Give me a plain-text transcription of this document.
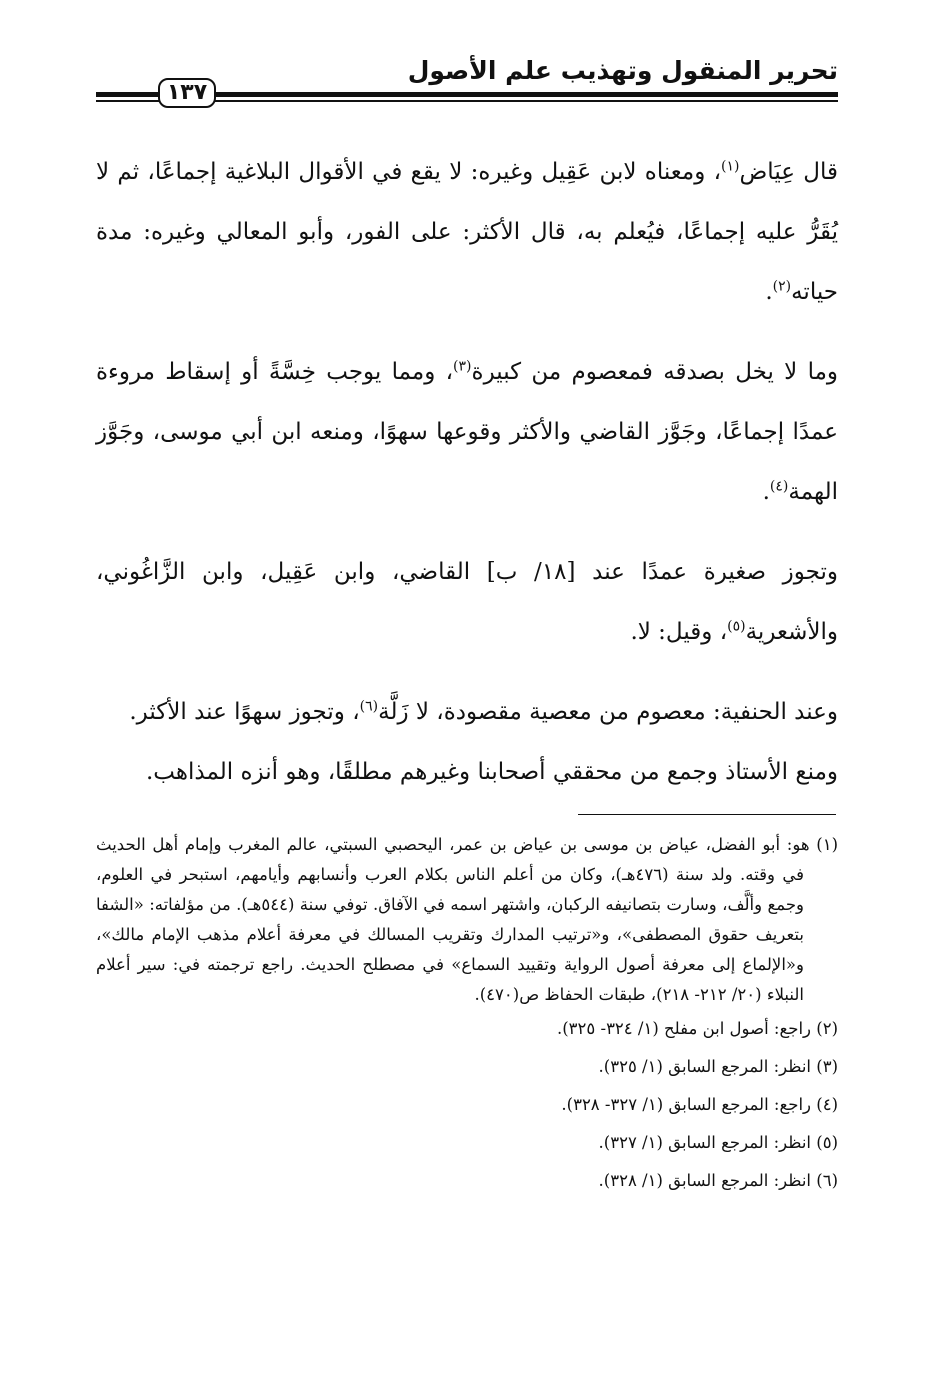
تحرير المنقول وتهذيب علم الأصول
١٣٧

قال عِيَاض$^{(١)}$، ومعناه لابن عَقِيل وغيره: لا يقع في الأقوال البلاغية إجماعًا، ثم لا يُقَرُّ عليه إجماعًا، فيُعلم به، قال الأكثر: على الفور، وأبو المعالي وغيره: مدة حياته$^{(٢)}$.

وما لا يخل بصدقه فمعصوم من كبيرة$^{(٣)}$، ومما يوجب خِسَّةً أو إسقاط مروءة عمدًا إجماعًا، وجَوَّز القاضي والأكثر وقوعها سهوًا، ومنعه ابن أبي موسى، وجَوَّز الهمة$^{(٤)}$.

وتجوز صغيرة عمدًا عند [١٨/ ب] القاضي، وابن عَقِيل، وابن الزَّاغُوني، والأشعرية$^{(٥)}$، وقيل: لا.

وعند الحنفية: معصوم من معصية مقصودة، لا زَلَّة$^{(٦)}$، وتجوز سهوًا عند الأكثر.

ومنع الأستاذ وجمع من محققي أصحابنا وغيرهم مطلقًا، وهو أنزه المذاهب.

(١) هو: أبو الفضل، عياض بن موسى بن عياض بن عمر، اليحصبي السبتي، عالم المغرب وإمام أهل الحديث في وقته. ولد سنة (٤٧٦هـ)، وكان من أعلم الناس بكلام العرب وأنسابهم وأيامهم، استبحر في العلوم، وجمع وألَّف، وسارت بتصانيفه الركبان، واشتهر اسمه في الآفاق. توفي سنة (٥٤٤هـ). من مؤلفاته: «الشفا بتعريف حقوق المصطفى»، و«ترتيب المدارك وتقريب المسالك في معرفة أعلام مذهب الإمام مالك»، و«الإلماع إلى معرفة أصول الرواية وتقييد السماع» في مصطلح الحديث. راجع ترجمته في: سير أعلام النبلاء (٢٠/ ٢١٢- ٢١٨)، طبقات الحفاظ ص(٤٧٠).

(٢) راجع: أصول ابن مفلح (١/ ٣٢٤- ٣٢٥).

(٣) انظر: المرجع السابق (١/ ٣٢٥).

(٤) راجع: المرجع السابق (١/ ٣٢٧- ٣٢٨).

(٥) انظر: المرجع السابق (١/ ٣٢٧).

(٦) انظر: المرجع السابق (١/ ٣٢٨).
